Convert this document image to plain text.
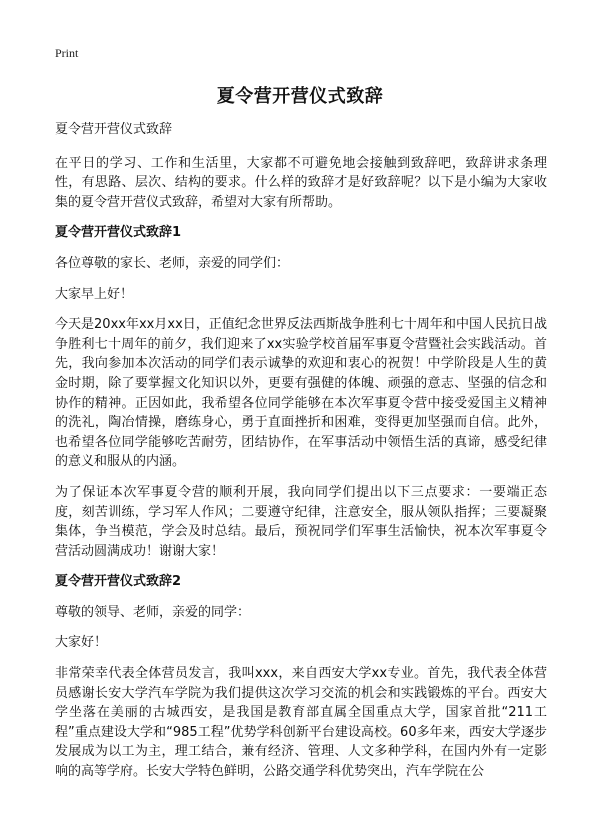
Print
夏令营开营仪式致辞

夏令营开营仪式致辞

在平日的学习、工作和生活里，大家都不可避免地会接触到致辞吧，致辞讲求条理性，有思路、层次、结构的要求。什么样的致辞才是好致辞呢？以下是小编为大家收集的夏令营开营仪式致辞，希望对大家有所帮助。

夏令营开营仪式致辞1

各位尊敬的家长、老师，亲爱的同学们：

大家早上好！

今天是20xx年xx月xx日，正值纪念世界反法西斯战争胜利七十周年和中国人民抗日战争胜利七十周年的前夕，我们迎来了xx实验学校首届军事夏令营暨社会实践活动。首先，我向参加本次活动的同学们表示诚挚的欢迎和衷心的祝贺！中学阶段是人生的黄金时期，除了要掌握文化知识以外，更要有强健的体魄、顽强的意志、坚强的信念和协作的精神。正因如此，我希望各位同学能够在本次军事夏令营中接受爱国主义精神的洗礼，陶冶情操，磨练身心，勇于直面挫折和困难，变得更加坚强而自信。此外，也希望各位同学能够吃苦耐劳，团结协作，在军事活动中领悟生活的真谛，感受纪律的意义和服从的内涵。

为了保证本次军事夏令营的顺利开展，我向同学们提出以下三点要求：一要端正态度，刻苦训练，学习军人作风；二要遵守纪律，注意安全，服从领队指挥；三要凝聚集体，争当模范，学会及时总结。最后，预祝同学们军事生活愉快，祝本次军事夏令营活动圆满成功！谢谢大家！

夏令营开营仪式致辞2

尊敬的领导、老师，亲爱的同学：

大家好！

非常荣幸代表全体营员发言，我叫xxx，来自西安大学xx专业。首先，我代表全体营员感谢长安大学汽车学院为我们提供这次学习交流的机会和实践锻炼的平台。西安大学坐落在美丽的古城西安，是我国是教育部直属全国重点大学，国家首批“211工程”重点建设大学和“985工程”优势学科创新平台建设高校。60多年来，西安大学逐步发展成为以工为主，理工结合，兼有经济、管理、人文多种学科，在国内外有一定影响的高等学府。长安大学特色鲜明，公路交通学科优势突出，汽车学院在公
